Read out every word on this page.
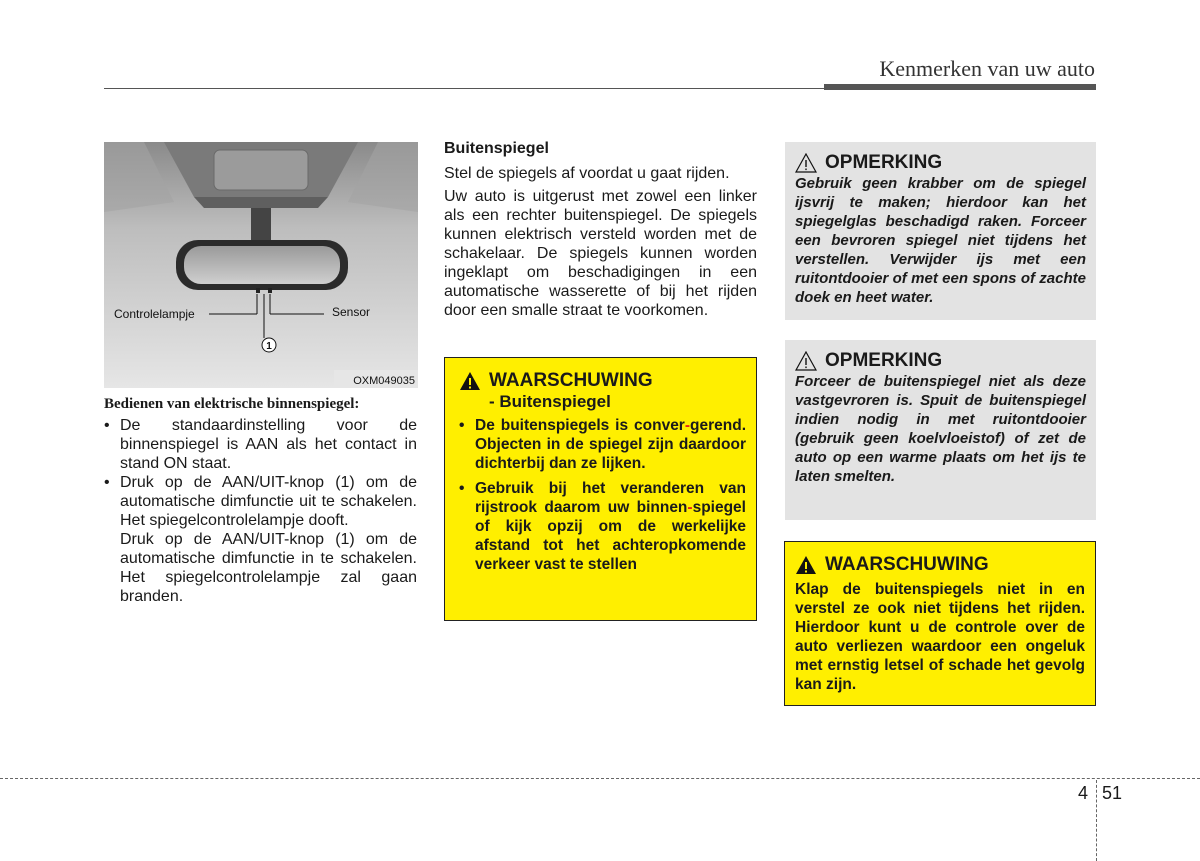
Kenmerken van uw auto
1
Controlelampje	Sensor
OXM049035
Bedienen van elektrische binnenspiegel:
• De standaardinstelling voor de binnenspiegel is AAN als het contact in stand ON staat.
• Druk op de AAN/UIT-knop (1) om de automatische dimfunctie uit te schakelen. Het spiegelcontrolelampje dooft.
Druk op de AAN/UIT-knop (1) om de automatische dimfunctie in te schakelen. Het spiegelcontrolelampje zal gaan branden.
Buitenspiegel
Stel de spiegels af voordat u gaat rijden.
Uw auto is uitgerust met zowel een linker als een rechter buitenspiegel. De spiegels kunnen elektrisch versteld worden met de schakelaar. De spiegels kunnen worden ingeklapt om beschadigingen in een automatische wasserette of bij het rijden door een smalle straat te voorkomen.
WAARSCHUWING
- Buitenspiegel
• De buitenspiegels is conver-gerend. Objecten in de spiegel zijn daardoor dichterbij dan ze lijken.
• Gebruik bij het veranderen van rijstrook daarom uw binnen-spiegel of kijk opzij om de werkelijke afstand tot het achteropkomende verkeer vast te stellen
OPMERKING
Gebruik geen krabber om de spiegel ijsvrij te maken; hierdoor kan het spiegelglas beschadigd raken. Forceer een bevroren spiegel niet tijdens het verstellen. Verwijder ijs met een ruitontdooier of met een spons of zachte doek en heet water.
OPMERKING
Forceer de buitenspiegel niet als deze vastgevroren is. Spuit de buitenspiegel indien nodig in met ruitontdooier (gebruik geen koelvloeistof) of zet de auto op een warme plaats om het ijs te laten smelten.
WAARSCHUWING
Klap de buitenspiegels niet in en verstel ze ook niet tijdens het rijden. Hierdoor kunt u de controle over de auto verliezen waardoor een ongeluk met ernstig letsel of schade het gevolg kan zijn.
4 51
